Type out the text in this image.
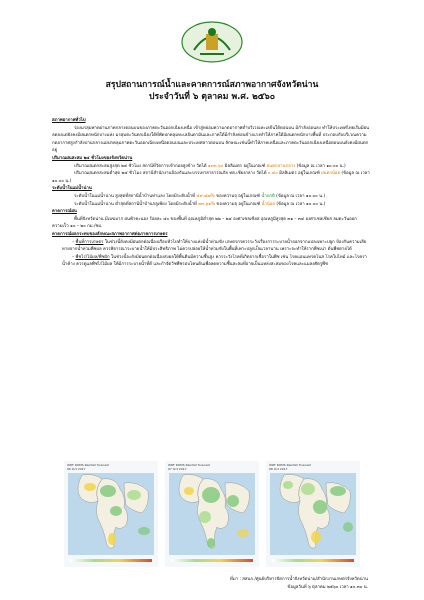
สรุปสถานการณ์น้ำและคาดการณ์สภาพอากาศจังหวัดน่าน
ประจำวันที่ ๖ ตุลาคม พ.ศ. ๒๕๖๐

สภาพอากาศทั่วไป

ร่องมรสุมพาดผ่านภาคกลางตอนบนของภาคตะวันออกเฉียงเหนือ เข้าสู่หย่อมความกดอากาศต่ำบริเวณทะเลจีนใต้ตอนบน มีกำลังอ่อนลง ทำให้ประเทศไทยเริ่มมีฝนลดลงแต่ยังคงมีฝนตกหนักบางแห่ง มรสุมตะวันตกเฉียงใต้ที่พัดปกคลุมทะเลอันดามันและภาคใต้มีกำลังค่อนข้างแรงทำให้ภาคใต้มีฝนตกหนักบางพื้นที่ ประกอบกับบริเวณความกดอากาศสูงกำลังปานกลางแผ่ปกคลุมภาคตะวันออกเฉียงเหนือตอนบนและประเทศลาวตอนบน ลักษณะเช่นนี้ทำให้ภาคเหนือและภาคตะวันออกเฉียงเหนือตอนบนยังคงมีฝนตกอยู่

ปริมาณฝนสะสม ๒๔ ชั่วโมงของจังหวัดน่าน

ปริมาณฝนตกสะสมสูงสุด ๒๔ ชั่วโมง สถานีที่วัดการเข้าถอยสูงข้าง วัดได้ ๑๓๓.๖๐ มิลลิเมตร อยู่ในเกณฑ์ ฝนตกปานกลาง (ข้อมูล ณ เวลา ๑๐.๐๐ น.)

ปริมาณฝนตกสะสมต่ำสุด ๒๔ ชั่วโมง สถานีสำนักงานป้องกันและบรรเทาสาธารณภัย ทต.เชียงกลาง วัดได้ ๐.๔๐ มิลลิเมตร อยู่ในเกณฑ์ ฝนตกน้อย (ข้อมูล ณ เวลา ๑๐.๐๐ น.)

ระดับน้ำในแม่น้ำน่าน

ระดับน้ำในแม่น้ำน่าน สูงสุดที่สถานีน้ำบ้านท่าแลง โดยมีระดับน้ำที่ ๕๙.๘๗% ของความจุ อยู่ในเกณฑ์ น้ำปกติ (ข้อมูล ณ เวลา ๑๐.๐๐ น.)

ระดับน้ำในแม่น้ำน่าน ต่ำสุดที่สถานีน้ำบ้านกลูเพียง โดยมีระดับน้ำที่ ๓๓.๖๑% ของความจุ อยู่ในเกณฑ์ น้ำน้อย (ข้อมูล ณ เวลา ๑๐.๐๐ น.)

คาดการณ์ฝน

พื้นที่จังหวัดน่าน มีเมฆมาก ฝนฟ้าคะนอง ร้อยละ ๔๐ ของพื้นที่ อุณหภูมิต่ำสุด ๒๒ – ๒๔ องศาเซลเซียส อุณหภูมิสูงสุด ๓๑ – ๓๔ องศาเซลเซียส ลมตะวันออก ความเร็ว ๑๐ – ๒๐ กม./ชม.

คาดการณ์ผลกระทบของลักษณะสภาพอากาศต่อภาคการเกษตร

– พื้นที่การเกษตร ในช่วงนี้ยังคงมีฝนตกต่อเนื่องเกือบทั่วไปทำให้บางแห่งมีน้ำท่วมขัง เกษตรกรควรระวังเรื่องการระบายน้ำออกจากแปลงเพาะปลูก ป้องกันความเสียหายจากน้ำท่วมพืชผล ควรพิจารณาระบายน้ำให้มีประสิทธิภาพ ไม่ควรปล่อยให้น้ำท่วมขังในพื้นที่เพาะปลูกเป็นเวลานาน เพราะจะทำให้รากพืชเน่า ต้นพืชตายได้

– พืชไร่/ไม้ผล/พืชผัก ในช่วงนี้จะยังมีฝนตกต่อเนื่องส่งผลให้พื้นดินมีความชื้นสูง ควรระวังโรคที่เกิดจากเชื้อราในพืช เช่น โรคแอนแทรคโนส โรคใบไหม้ และโรคราน้ำค้าง ควรดูแลพืชไร่ไม้ผล ให้มีการระบายน้ำที่ดี และกำจัดวัชพืชรอบโคนต้นเพื่อลดความชื้นสะสมที่อาจเป็นแหล่งสะสมของโรคและแมลงศัตรูพืช

WRF ROMS Rainfall forecast
06 Oct 2017
WRF ROMS Rainfall forecast
07 Oct 2017
WRF ROMS Rainfall forecast
08 Oct 2017
ที่มา : สสนก./ศูนย์บริหารจัดการน้ำจังหวัดน่าน/สำนักงานเกษตรจังหวัดน่าน
ข้อมูลวันที่ ๖ ตุลาคม ๒๕๖๐ เวลา ๑๐.๓๐ น.
